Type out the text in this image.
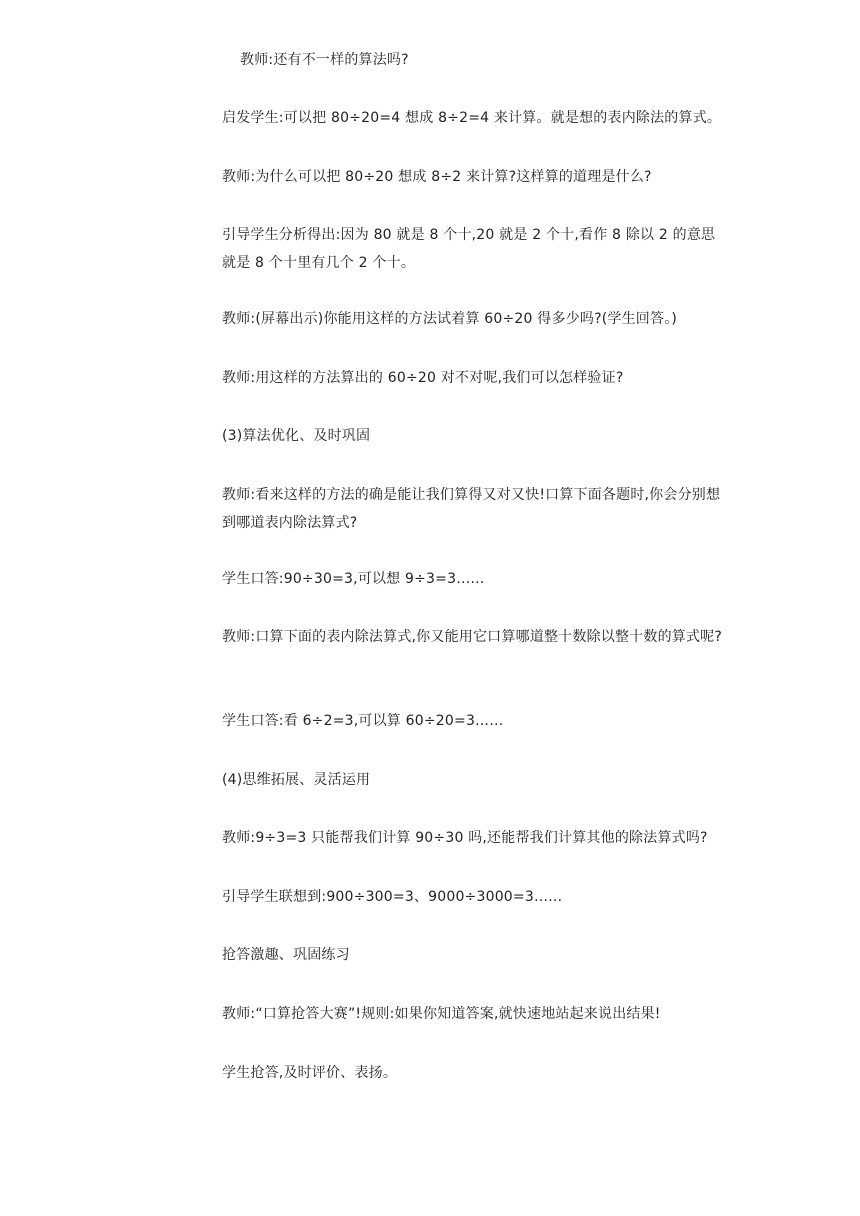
教师:还有不一样的算法吗?

启发学生:可以把 80÷20=4 想成 8÷2=4 来计算。就是想的表内除法的算式。

教师:为什么可以把 80÷20 想成 8÷2 来计算?这样算的道理是什么?

引导学生分析得出:因为 80 就是 8 个十,20 就是 2 个十,看作 8 除以 2 的意思就是 8 个十里有几个 2 个十。

教师:(屏幕出示)你能用这样的方法试着算 60÷20 得多少吗?(学生回答。)

教师:用这样的方法算出的 60÷20 对不对呢,我们可以怎样验证?

(3)算法优化、及时巩固

教师:看来这样的方法的确是能让我们算得又对又快!口算下面各题时,你会分别想到哪道表内除法算式?

学生口答:90÷30=3,可以想 9÷3=3……

教师:口算下面的表内除法算式,你又能用它口算哪道整十数除以整十数的算式呢?

学生口答:看 6÷2=3,可以算 60÷20=3……

(4)思维拓展、灵活运用

教师:9÷3=3 只能帮我们计算 90÷30 吗,还能帮我们计算其他的除法算式吗?

引导学生联想到:900÷300=3、9000÷3000=3……

抢答激趣、巩固练习

教师:“口算抢答大赛”!规则:如果你知道答案,就快速地站起来说出结果!

学生抢答,及时评价、表扬。
